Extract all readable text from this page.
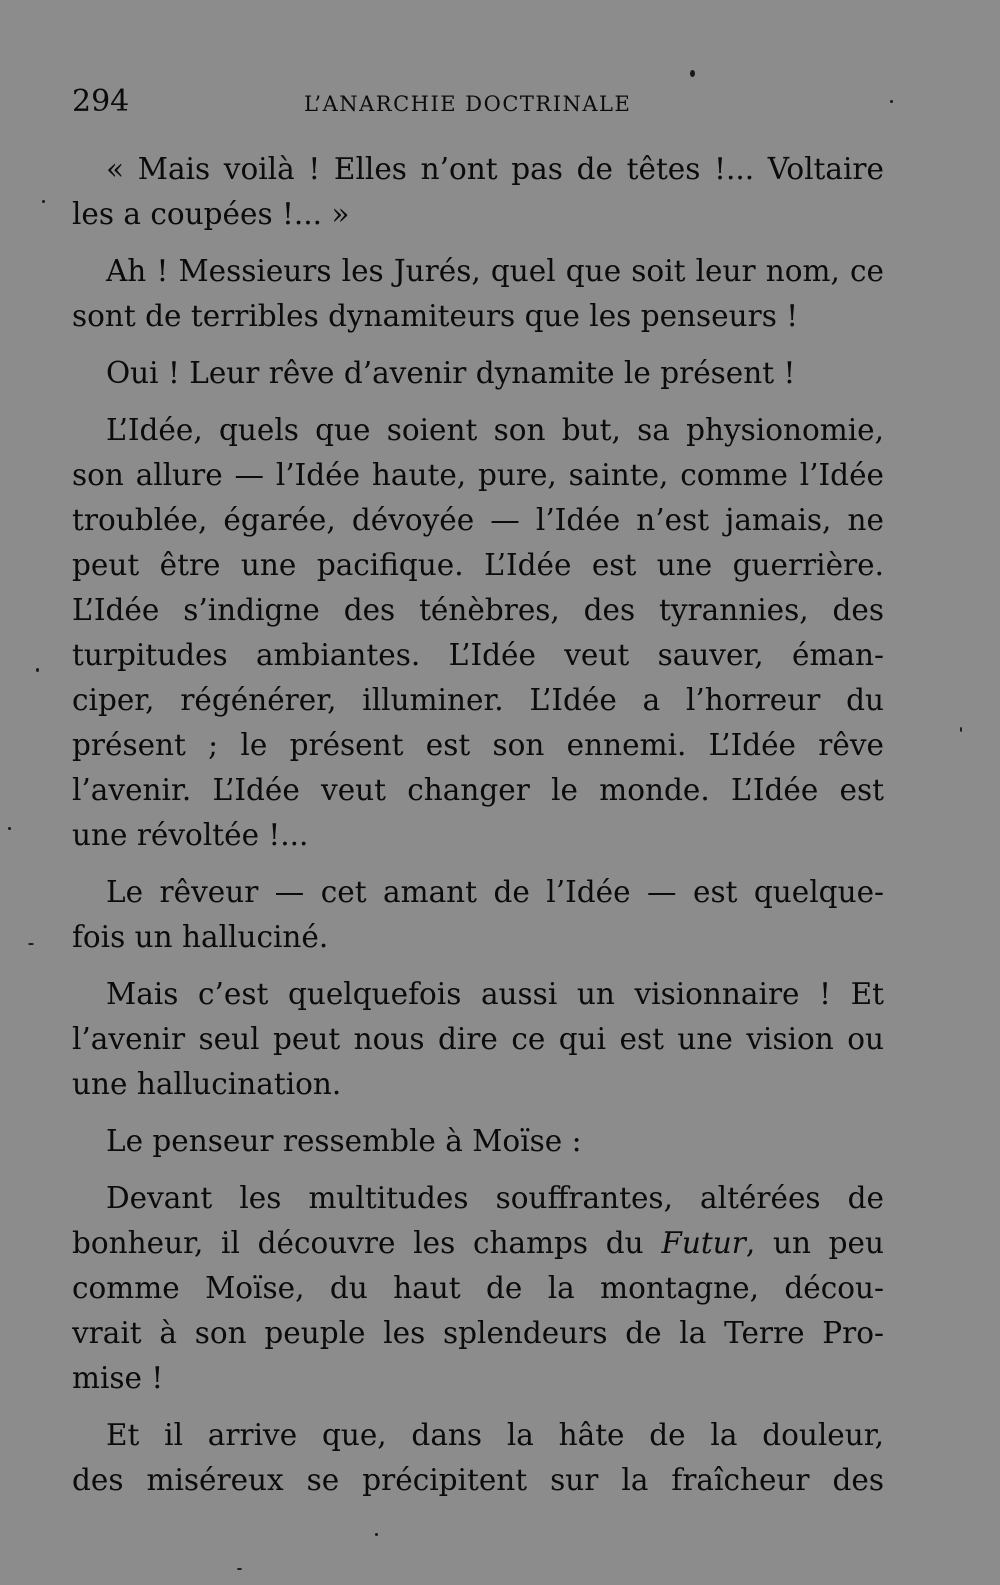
294	L’ANARCHIE DOCTRINALE

« Mais voilà ! Elles n’ont pas de têtes !... Voltaire
les a coupées !... »

Ah ! Messieurs les Jurés, quel que soit leur nom, ce
sont de terribles dynamiteurs que les penseurs !

Oui ! Leur rêve d’avenir dynamite le présent !

L’Idée, quels que soient son but, sa physionomie,
son allure — l’Idée haute, pure, sainte, comme l’Idée
troublée, égarée, dévoyée — l’Idée n’est jamais, ne
peut être une pacifique. L’Idée est une guerrière.
L’Idée s’indigne des ténèbres, des tyrannies, des
turpitudes ambiantes. L’Idée veut sauver, éman-
ciper, régénérer, illuminer. L’Idée a l’horreur du
présent ; le présent est son ennemi. L’Idée rêve
l’avenir. L’Idée veut changer le monde. L’Idée est
une révoltée !...

Le rêveur — cet amant de l’Idée — est quelque-
fois un halluciné.

Mais c’est quelquefois aussi un visionnaire ! Et
l’avenir seul peut nous dire ce qui est une vision ou
une hallucination.

Le penseur ressemble à Moïse :

Devant les multitudes souffrantes, altérées de
bonheur, il découvre les champs du Futur, un peu
comme Moïse, du haut de la montagne, décou-
vrait à son peuple les splendeurs de la Terre Pro-
mise !

Et il arrive que, dans la hâte de la douleur,
des miséreux se précipitent sur la fraîcheur des
